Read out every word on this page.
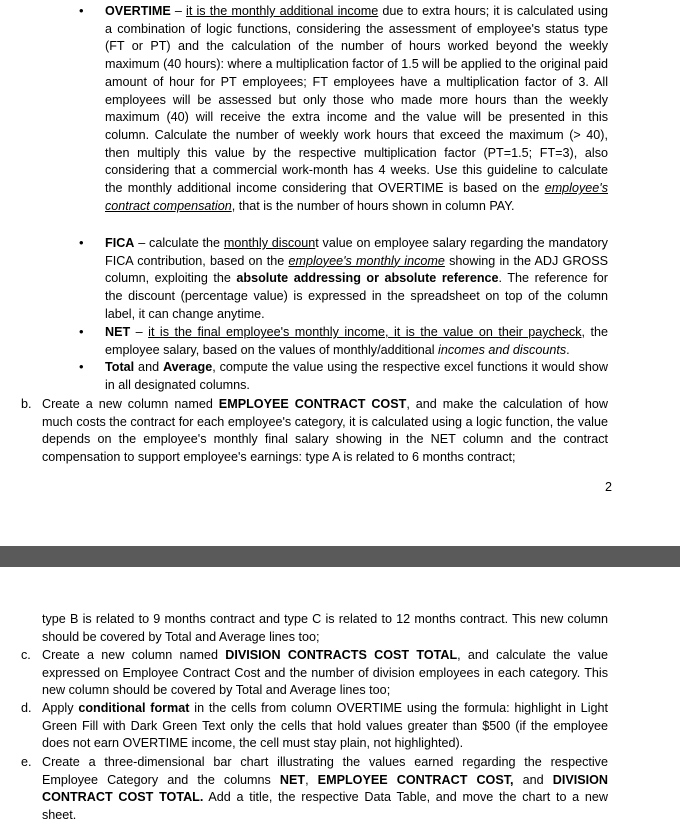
• OVERTIME – it is the monthly additional income due to extra hours; it is calculated using a combination of logic functions, considering the assessment of employee's status type (FT or PT) and the calculation of the number of hours worked beyond the weekly maximum (40 hours): where a multiplication factor of 1.5 will be applied to the original paid amount of hour for PT employees; FT employees have a multiplication factor of 3. All employees will be assessed but only those who made more hours than the weekly maximum (40) will receive the extra income and the value will be presented in this column. Calculate the number of weekly work hours that exceed the maximum (> 40), then multiply this value by the respective multiplication factor (PT=1.5; FT=3), also considering that a commercial work-month has 4 weeks. Use this guideline to calculate the monthly additional income considering that OVERTIME is based on the employee's contract compensation, that is the number of hours shown in column PAY.
• FICA – calculate the monthly discount value on employee salary regarding the mandatory FICA contribution, based on the employee's monthly income showing in the ADJ GROSS column, exploiting the absolute addressing or absolute reference. The reference for the discount (percentage value) is expressed in the spreadsheet on top of the column label, it can change anytime.
• NET – it is the final employee's monthly income, it is the value on their paycheck, the employee salary, based on the values of monthly/additional incomes and discounts.
• Total and Average, compute the value using the respective excel functions it would show in all designated columns.
b. Create a new column named EMPLOYEE CONTRACT COST, and make the calculation of how much costs the contract for each employee's category, it is calculated using a logic function, the value depends on the employee's monthly final salary showing in the NET column and the contract compensation to support employee's earnings: type A is related to 6 months contract;
2
type B is related to 9 months contract and type C is related to 12 months contract. This new column should be covered by Total and Average lines too;
c. Create a new column named DIVISION CONTRACTS COST TOTAL, and calculate the value expressed on Employee Contract Cost and the number of division employees in each category. This new column should be covered by Total and Average lines too;
d. Apply conditional format in the cells from column OVERTIME using the formula: highlight in Light Green Fill with Dark Green Text only the cells that hold values greater than $500 (if the employee does not earn OVERTIME income, the cell must stay plain, not highlighted).
e. Create a three-dimensional bar chart illustrating the values earned regarding the respective Employee Category and the columns NET, EMPLOYEE CONTRACT COST, and DIVISION CONTRACT COST TOTAL. Add a title, the respective Data Table, and move the chart to a new sheet.
